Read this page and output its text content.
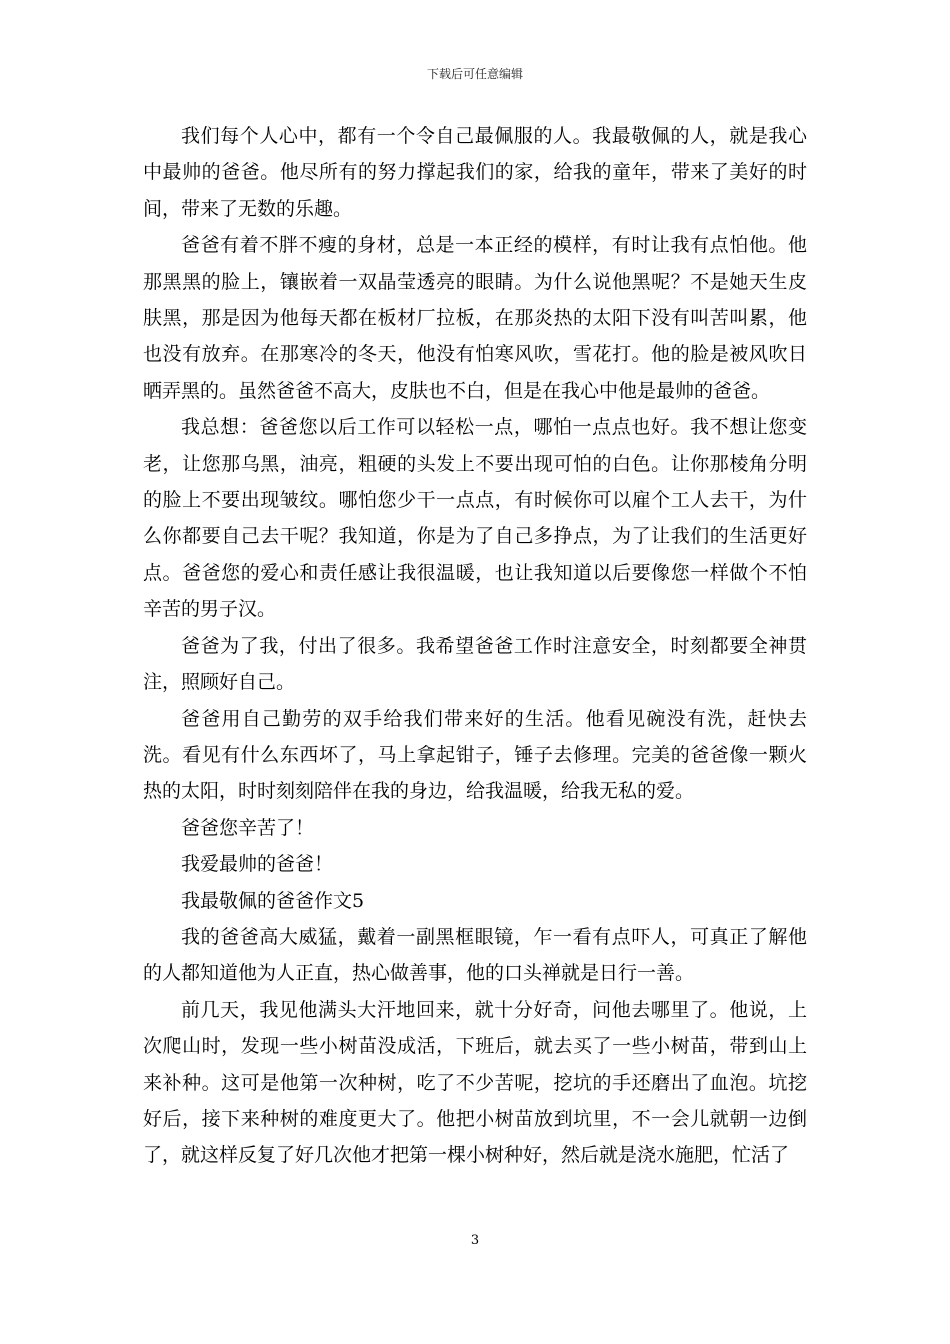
下载后可任意编辑

我们每个人心中，都有一个令自己最佩服的人。我最敬佩的人，就是我心中最帅的爸爸。他尽所有的努力撑起我们的家，给我的童年，带来了美好的时间，带来了无数的乐趣。

爸爸有着不胖不瘦的身材，总是一本正经的模样，有时让我有点怕他。他那黑黑的脸上，镶嵌着一双晶莹透亮的眼睛。为什么说他黑呢？不是她天生皮肤黑，那是因为他每天都在板材厂拉板，在那炎热的太阳下没有叫苦叫累，他也没有放弃。在那寒冷的冬天，他没有怕寒风吹，雪花打。他的脸是被风吹日晒弄黑的。虽然爸爸不高大，皮肤也不白，但是在我心中他是最帅的爸爸。

我总想：爸爸您以后工作可以轻松一点，哪怕一点点也好。我不想让您变老，让您那乌黑，油亮，粗硬的头发上不要出现可怕的白色。让你那棱角分明的脸上不要出现皱纹。哪怕您少干一点点，有时候你可以雇个工人去干，为什么你都要自己去干呢？我知道，你是为了自己多挣点，为了让我们的生活更好点。爸爸您的爱心和责任感让我很温暖，也让我知道以后要像您一样做个不怕辛苦的男子汉。

爸爸为了我，付出了很多。我希望爸爸工作时注意安全，时刻都要全神贯注，照顾好自己。

爸爸用自己勤劳的双手给我们带来好的生活。他看见碗没有洗，赶快去洗。看见有什么东西坏了，马上拿起钳子，锤子去修理。完美的爸爸像一颗火热的太阳，时时刻刻陪伴在我的身边，给我温暖，给我无私的爱。

爸爸您辛苦了！

我爱最帅的爸爸！

我最敬佩的爸爸作文5

我的爸爸高大威猛，戴着一副黑框眼镜，乍一看有点吓人，可真正了解他的人都知道他为人正直，热心做善事，他的口头禅就是日行一善。

前几天，我见他满头大汗地回来，就十分好奇，问他去哪里了。他说，上次爬山时，发现一些小树苗没成活，下班后，就去买了一些小树苗，带到山上来补种。这可是他第一次种树，吃了不少苦呢，挖坑的手还磨出了血泡。坑挖好后，接下来种树的难度更大了。他把小树苗放到坑里，不一会儿就朝一边倒了，就这样反复了好几次他才把第一棵小树种好，然后就是浇水施肥，忙活了

3
